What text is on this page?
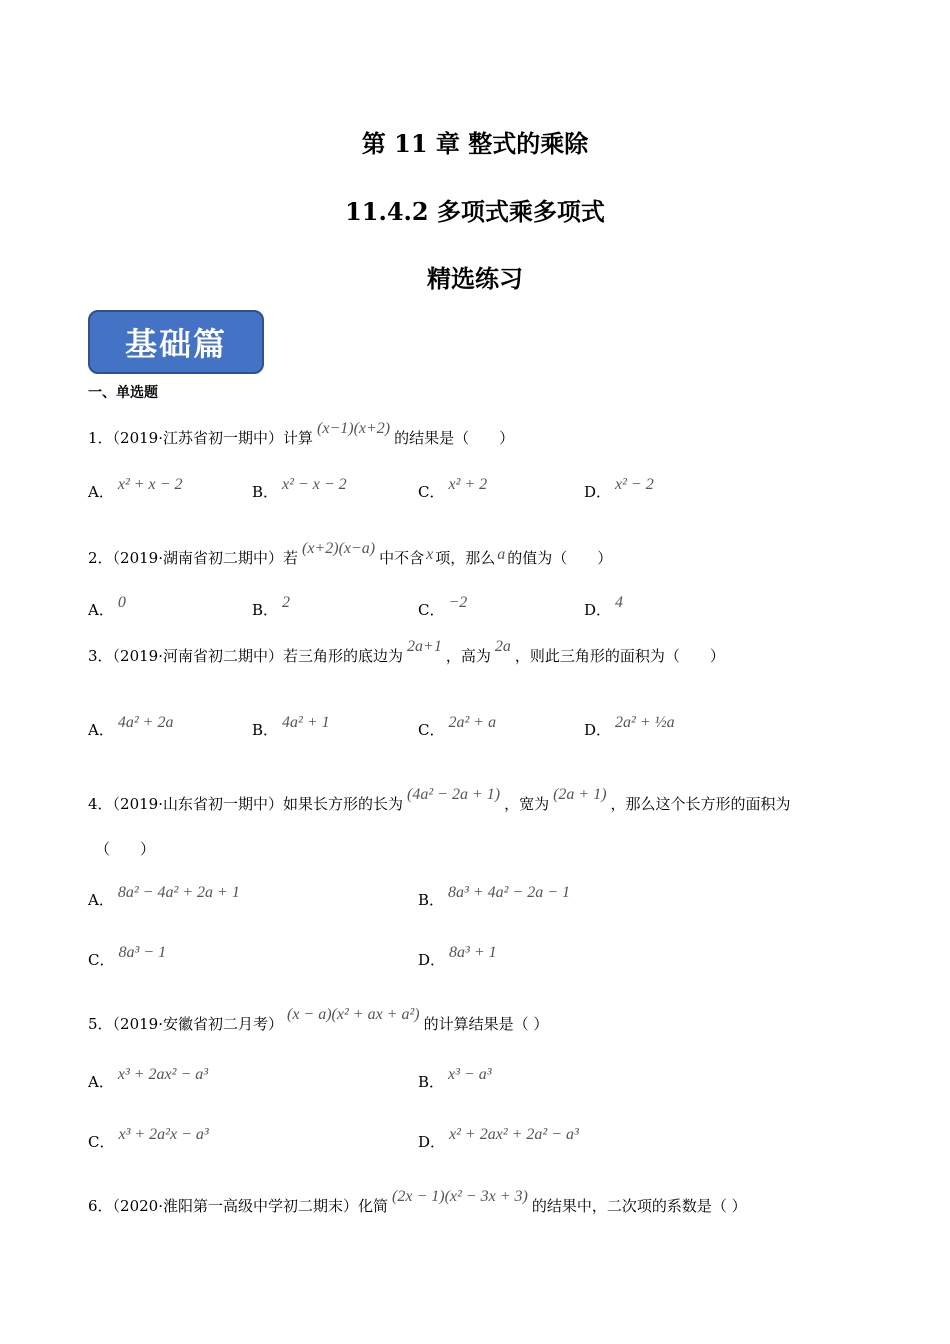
第 11 章 整式的乘除
11.4.2 多项式乘多项式
精选练习
基础篇
一、单选题
1．（2019·江苏省初一期中）计算(x−1)(x+2)的结果是（　　）
A． x² + x − 2	B． x² − x − 2	C． x² + 2	D． x² − 2
2．（2019·湖南省初二期中）若(x+2)(x−a)中不含 x 项，那么 a 的值为（　　）
A． 0	B． 2	C． −2	D． 4
3．（2019·河南省初二期中）若三角形的底边为2a+1，高为2a，则此三角形的面积为（　　）
A． 4a² + 2a	B． 4a² + 1	C． 2a² + a	D． 2a² + ½a
4．（2019·山东省初一期中）如果长方形的长为(4a² − 2a + 1)，宽为(2a + 1)，那么这个长方形的面积为
（　　）
A． 8a² − 4a² + 2a + 1	B． 8a³ + 4a² − 2a − 1
C． 8a³ − 1	D． 8a³ + 1
5．（2019·安徽省初二月考）(x − a)(x² + ax + a²)的计算结果是（ ）
A． x³ + 2ax² − a³	B． x³ − a³
C． x³ + 2a²x − a³	D． x² + 2ax² + 2a² − a³
6．（2020·淮阳第一高级中学初二期末）化简(2x − 1)(x² − 3x + 3)的结果中，二次项的系数是（ ）
